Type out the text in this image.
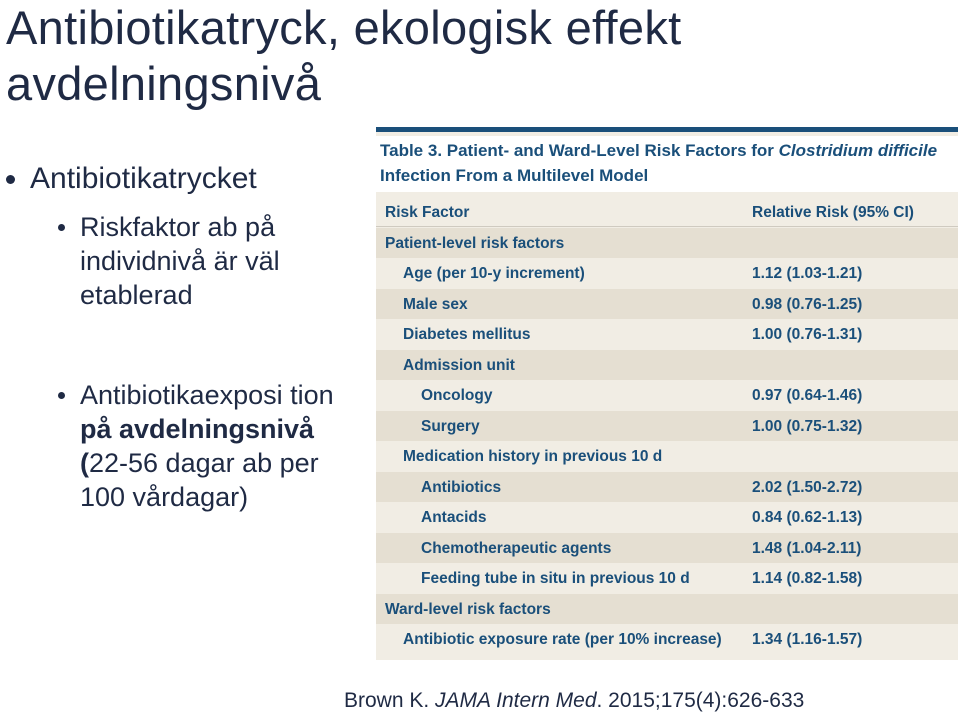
Antibiotikatryck, ekologisk effekt
avdelningsnivå
Antibiotikatrycket
Riskfaktor ab på individnivå är väl etablerad
Antibiotikaexposi tion på avdelningsnivå (22-56 dagar ab per 100 vårdagar)
Table 3. Patient- and Ward-Level Risk Factors for Clostridium difficile Infection From a Multilevel Model
Risk Factor	Relative Risk (95% CI)
Patient-level risk factors
Age (per 10-y increment)	1.12 (1.03-1.21)
Male sex	0.98 (0.76-1.25)
Diabetes mellitus	1.00 (0.76-1.31)
Admission unit
Oncology	0.97 (0.64-1.46)
Surgery	1.00 (0.75-1.32)
Medication history in previous 10 d
Antibiotics	2.02 (1.50-2.72)
Antacids	0.84 (0.62-1.13)
Chemotherapeutic agents	1.48 (1.04-2.11)
Feeding tube in situ in previous 10 d	1.14 (0.82-1.58)
Ward-level risk factors
Antibiotic exposure rate (per 10% increase) 1.34 (1.16-1.57)
Brown K. JAMA Intern Med. 2015;175(4):626-633
